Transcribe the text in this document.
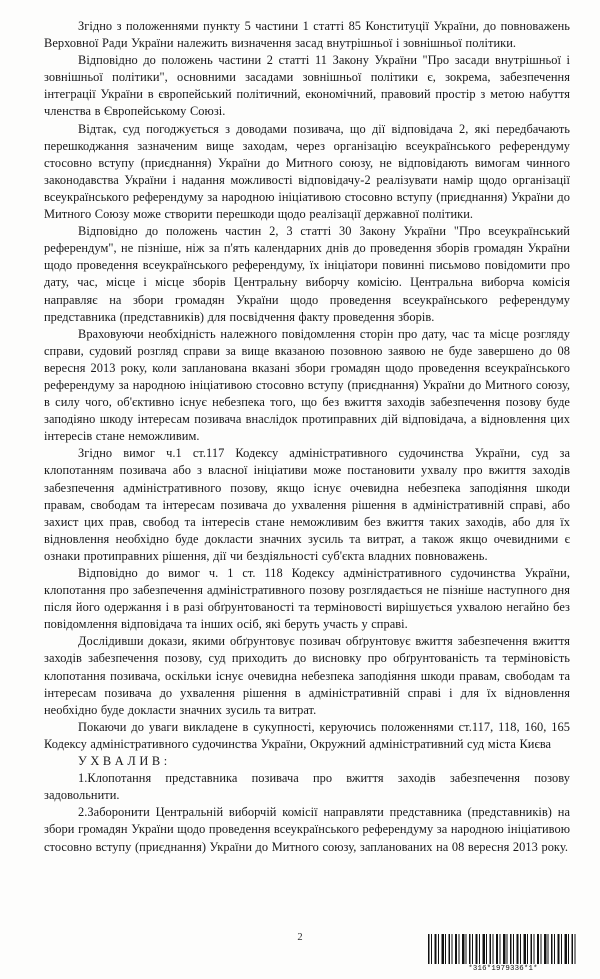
Згідно з положеннями пункту 5 частини 1 статті 85 Конституції України, до повноважень Верховної Ради України належить визначення засад внутрішньої і зовнішньої політики.

Відповідно до положень частини 2 статті 11 Закону України "Про засади внутрішньої і зовнішньої політики", основними засадами зовнішньої політики є, зокрема, забезпечення інтеграції України в європейський політичний, економічний, правовий простір з метою набуття членства в Європейському Союзі.

Відтак, суд погоджується з доводами позивача, що дії відповідача 2, які передбачають перешкоджання зазначеним вище заходам, через організацію всеукраїнського референдуму стосовно вступу (приєднання) України до Митного союзу, не відповідають вимогам чинного законодавства України і надання можливості відповідачу-2 реалізувати намір щодо організації всеукраїнського референдуму за народною ініціативою стосовно вступу (приєднання) України до Митного Союзу може створити перешкоди щодо реалізації державної політики.

Відповідно до положень частин 2, 3 статті 30 Закону України "Про всеукраїнський референдум", не пізніше, ніж за п'ять календарних днів до проведення зборів громадян України щодо проведення всеукраїнського референдуму, їх ініціатори повинні письмово повідомити про дату, час, місце і місце зборів Центральну виборчу комісію. Центральна виборча комісія направляє на збори громадян України щодо проведення всеукраїнського референдуму представника (представників) для посвідчення факту проведення зборів.

Враховуючи необхідність належного повідомлення сторін про дату, час та місце розгляду справи, судовий розгляд справи за вище вказаною позовною заявою не буде завершено до 08 вересня 2013 року, коли запланована вказані збори громадян щодо проведення всеукраїнського референдуму за народною ініціативою стосовно вступу (приєднання) України до Митного союзу, в силу чого, об'єктивно існує небезпека того, що без вжиття заходів забезпечення позову буде заподіяно шкоду інтересам позивача внаслідок протиправних дій відповідача, а відновлення цих інтересів стане неможливим.

Згідно вимог ч.1 ст.117 Кодексу адміністративного судочинства України, суд за клопотанням позивача або з власної ініціативи може постановити ухвалу про вжиття заходів забезпечення адміністративного позову, якщо існує очевидна небезпека заподіяння шкоди правам, свободам та інтересам позивача до ухвалення рішення в адміністративній справі, або захист цих прав, свобод та інтересів стане неможливим без вжиття таких заходів, або для їх відновлення необхідно буде докласти значних зусиль та витрат, а також якщо очевидними є ознаки протиправних рішення, дії чи бездіяльності суб'єкта владних повноважень.

Відповідно до вимог ч. 1 ст. 118 Кодексу адміністративного судочинства України, клопотання про забезпечення адміністративного позову розглядається не пізніше наступного дня після його одержання і в разі обґрунтованості та терміновості вирішується ухвалою негайно без повідомлення відповідача та інших осіб, які беруть участь у справі.

Дослідивши докази, якими обґрунтовує позивач обґрунтовує вжиття забезпечення вжиття заходів забезпечення позову, суд приходить до висновку про обґрунтованість та терміновість клопотання позивача, оскільки існує очевидна небезпека заподіяння шкоди правам, свободам та інтересам позивача до ухвалення рішення в адміністративній справі і для їх відновлення необхідно буде докласти значних зусиль та витрат.

Покаючи до уваги викладене в сукупності, керуючись положеннями ст.117, 118, 160, 165 Кодексу адміністративного судочинства України, Окружний адміністративний суд міста Києва

У Х В А Л И В :

1.Клопотання представника позивача про вжиття заходів забезпечення позову задовольнити.

2.Заборонити Центральній виборчій комісії направляти представника (представників) на збори громадян України щодо проведення всеукраїнського референдуму за народною ініціативою стосовно вступу (приєднання) України до Митного союзу, запланованих на 08 вересня 2013 року.

2
*316*1979336*1*
